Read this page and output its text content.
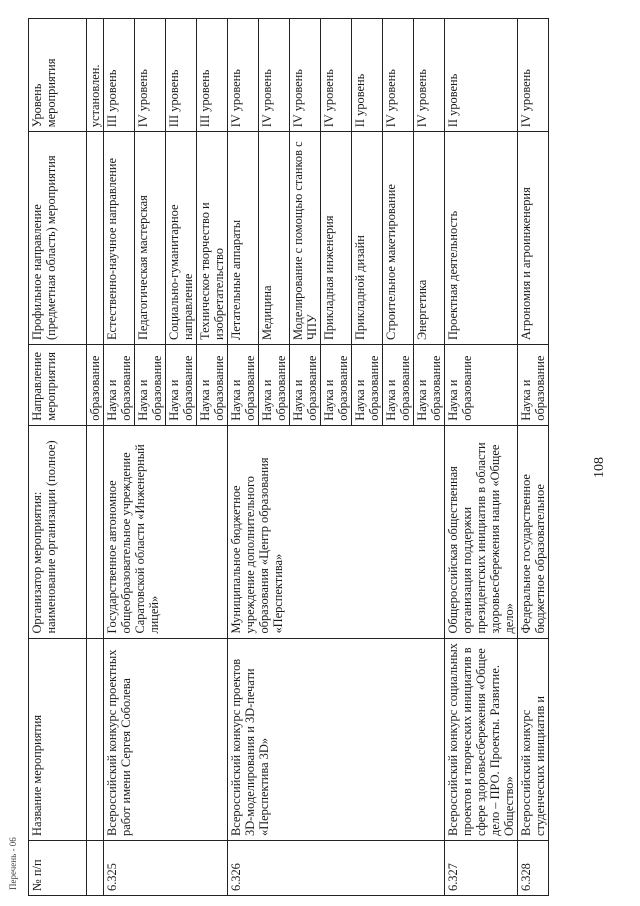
Перечень - 06
108
№ п/п	Название мероприятия	Организатор мероприятия: наименование организации (полное)	Направление мероприятия	Профильное направление (предметная область) мероприятия	Уровень мероприятия
			образование		установлен.
6.325	Всероссийский конкурс проектных работ имени Сергея Соболева	Государственное автономное общеобразовательное учреждение Саратовской области «Инженерный лицей»	Наука и образование	Естественно-научное направление	III уровень
			Наука и образование	Педагогическая мастерская	IV уровень
			Наука и образование	Социально-гуманитарное направление	III уровень
			Наука и образование	Техническое творчество и изобретательство	III уровень
6.326	Всероссийский конкурс проектов 3D-моделирования и 3D-печати «Перспектива 3D»	Муниципальное бюджетное учреждение дополнительного образования «Центр образования «Перспектива»	Наука и образование	Летательные аппараты	IV уровень
			Наука и образование	Медицина	IV уровень
			Наука и образование	Моделирование с помощью станков с ЧПУ	IV уровень
			Наука и образование	Прикладная инженерия	IV уровень
			Наука и образование	Прикладной дизайн	II уровень
			Наука и образование	Строительное макетирование	IV уровень
			Наука и образование	Энергетика	IV уровень
6.327	Всероссийский конкурс социальных проектов и творческих инициатив в сфере здоровьесбережения «Общее дело – ПРО. Проекты. Развитие. Общество»	Общероссийская общественная организация поддержки президентских инициатив в области здоровьесбережения нации «Общее дело»	Наука и образование	Проектная деятельность	II уровень
6.328	Всероссийский конкурс студенческих инициатив и	Федеральное государственное бюджетное образовательное	Наука и образование	Агрономия и агроинженерия	IV уровень
